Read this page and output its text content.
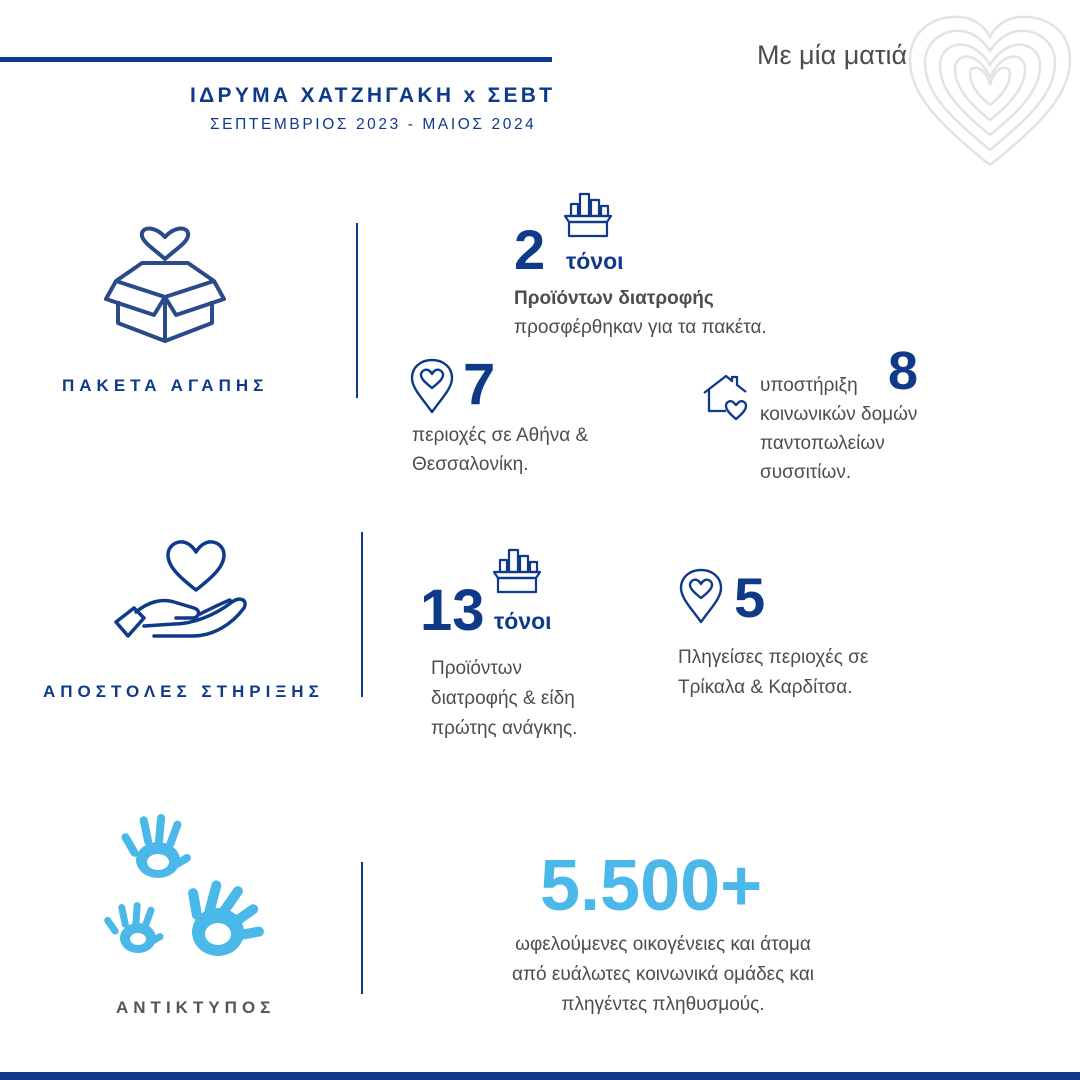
Με μία ματιά
ΙΔΡΥΜΑ ΧΑΤΖΗΓΑΚΗ x ΣΕΒΤ
ΣΕΠΤΕΜΒΡΙΟΣ 2023 - ΜΑΙΟΣ 2024
ΠΑΚΕΤΑ ΑΓΑΠΗΣ
2 τόνοι
Προϊόντων διατροφής
προσφέρθηκαν για τα πακέτα.
7
περιοχές σε Αθήνα &
Θεσσαλονίκη.
υποστήριξη 8
κοινωνικών δομών
παντοπωλείων
συσσιτίων.
ΑΠΟΣΤΟΛΕΣ ΣΤΗΡΙΞΗΣ
13 τόνοι
Προϊόντων
διατροφής & είδη
πρώτης ανάγκης.
5
Πληγείσες περιοχές σε
Τρίκαλα & Καρδίτσα.
ΑΝΤΙΚΤΥΠΟΣ
5.500+
ωφελούμενες οικογένειες και άτομα
από ευάλωτες κοινωνικά ομάδες και
πληγέντες πληθυσμούς.
